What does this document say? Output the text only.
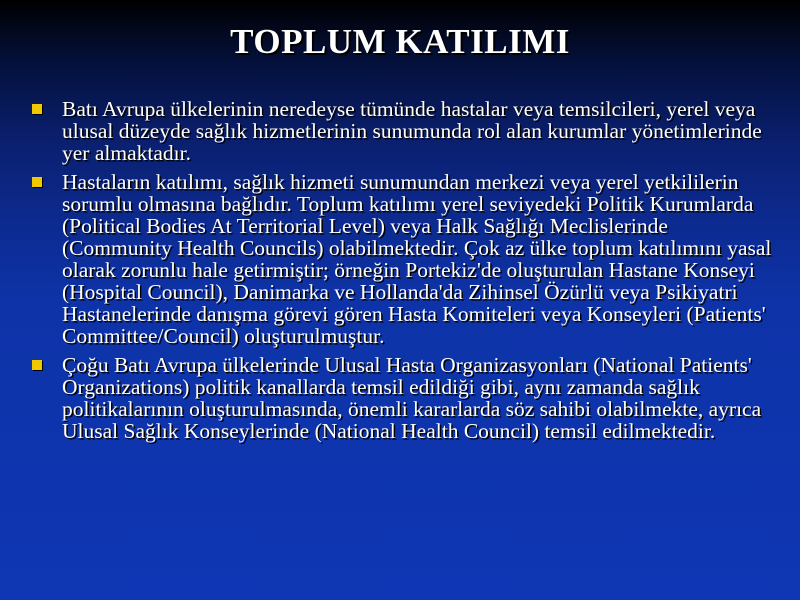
TOPLUM KATILIMI
Batı Avrupa ülkelerinin neredeyse tümünde hastalar veya temsilcileri, yerel veya ulusal düzeyde sağlık hizmetlerinin sunumunda rol alan kurumlar yönetimlerinde yer almaktadır.
Hastaların katılımı, sağlık hizmeti sunumundan merkezi veya yerel yetkililerin sorumlu olmasına bağlıdır. Toplum katılımı yerel seviyedeki Politik Kurumlarda (Political Bodies At Territorial Level) veya Halk Sağlığı Meclislerinde (Community Health Councils) olabilmektedir. Çok az ülke toplum katılımını yasal olarak zorunlu hale getirmiştir; örneğin Portekiz'de oluşturulan Hastane Konseyi (Hospital Council), Danimarka ve Hollanda'da Zihinsel Özürlü veya Psikiyatri Hastanelerinde danışma görevi gören Hasta Komiteleri veya Konseyleri (Patients' Committee/Council) oluşturulmuştur.
Çoğu Batı Avrupa ülkelerinde Ulusal Hasta Organizasyonları (National Patients' Organizations) politik kanallarda temsil edildiği gibi, aynı zamanda sağlık politikalarının oluşturulmasında, önemli kararlarda söz sahibi olabilmekte, ayrıca Ulusal Sağlık Konseylerinde (National Health Council) temsil edilmektedir.
